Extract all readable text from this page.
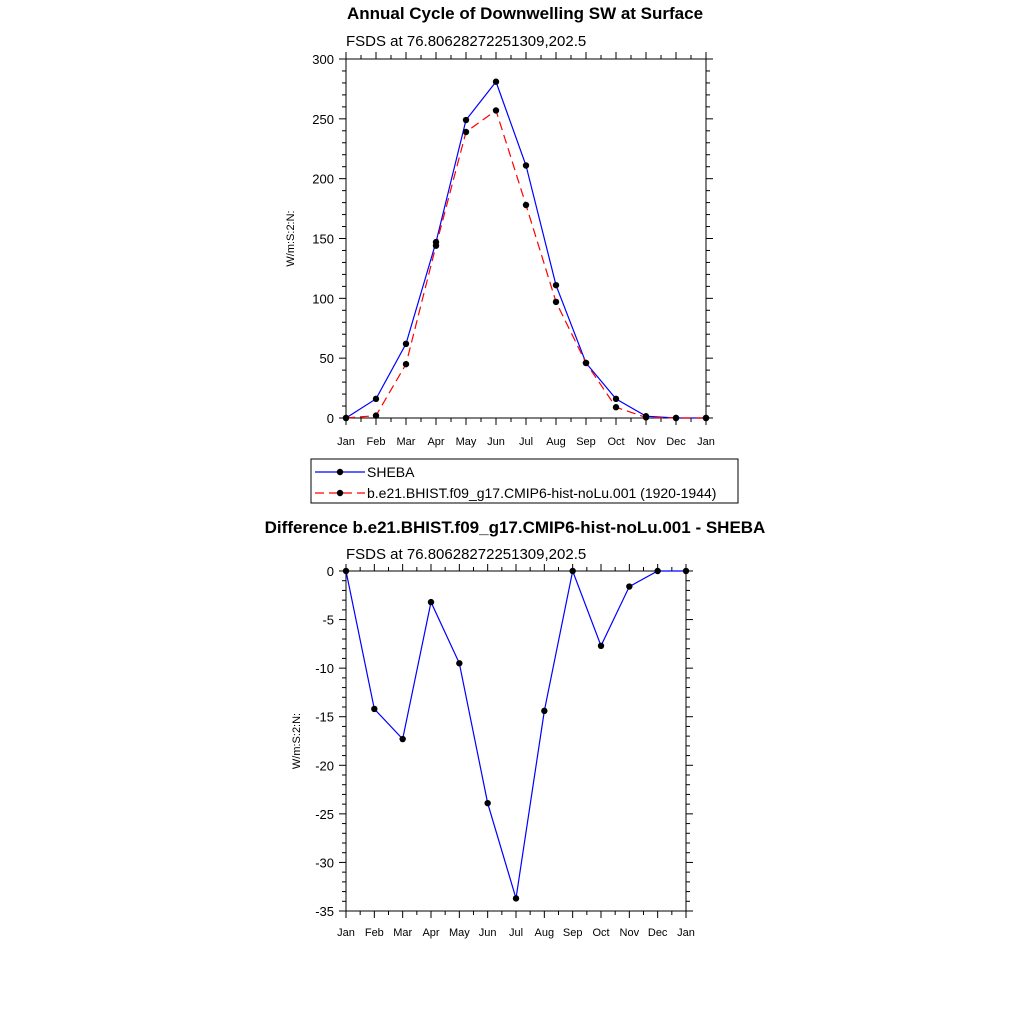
Annual Cycle of Downwelling SW at Surface
FSDS at 76.80628272251309,202.5
0
50
100
150
200
250
300
Jan Feb Mar Apr May Jun Jul Aug Sep Oct Nov Dec Jan
W/m:S:2:N:
SHEBA
b.e21.BHIST.f09_g17.CMIP6-hist-noLu.001 (1920-1944)
Difference b.e21.BHIST.f09_g17.CMIP6-hist-noLu.001 - SHEBA
FSDS at 76.80628272251309,202.5
0
-5
-10
-15
-20
-25
-30
-35
Jan Feb Mar Apr May Jun Jul Aug Sep Oct Nov Dec Jan
W/m:S:2:N:
